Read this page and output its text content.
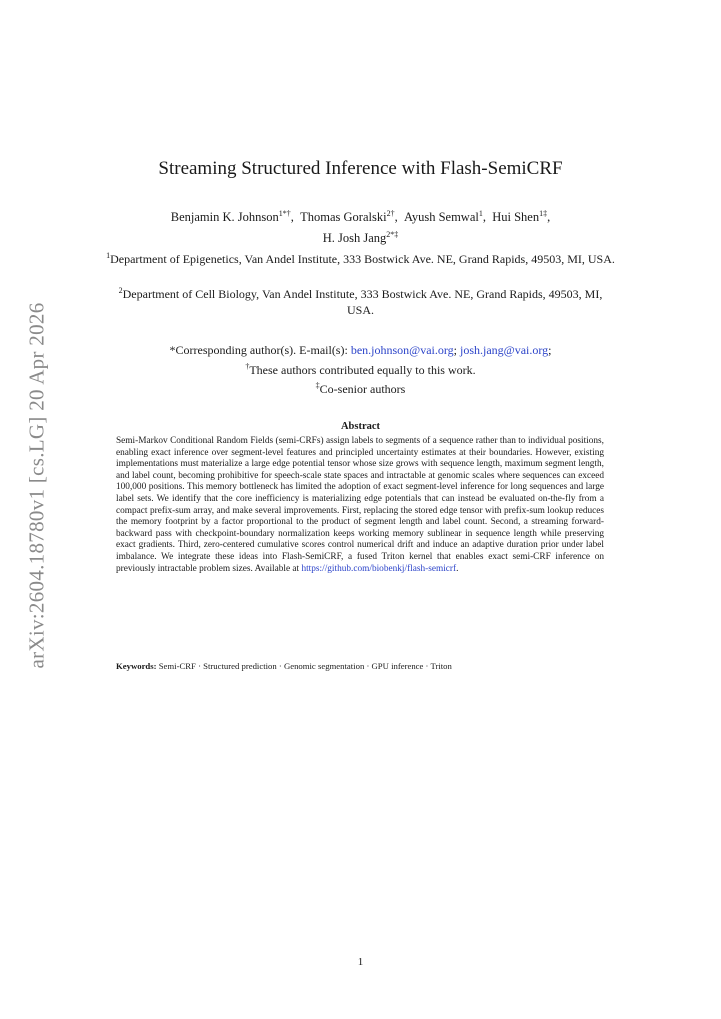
arXiv:2604.18780v1 [cs.LG] 20 Apr 2026
Streaming Structured Inference with Flash-SemiCRF
Benjamin K. Johnson$^{1*\dagger}$,  Thomas Goralski$^{2\dagger}$,  Ayush Semwal$^1$,  Hui Shen$^{1\ddagger}$,
H. Josh Jang$^{2*\ddagger}$
$^1$Department of Epigenetics, Van Andel Institute, 333 Bostwick Ave. NE, Grand Rapids, 49503, MI, USA.
$^2$Department of Cell Biology, Van Andel Institute, 333 Bostwick Ave. NE, Grand Rapids, 49503, MI, USA.
*Corresponding author(s). E-mail(s): ben.johnson@vai.org; josh.jang@vai.org;
†These authors contributed equally to this work.
‡Co-senior authors
Abstract
Semi-Markov Conditional Random Fields (semi-CRFs) assign labels to segments of a sequence rather than to individual positions, enabling exact inference over segment-level features and principled uncertainty estimates at their boundaries. However, existing implementations must materialize a large edge potential tensor whose size grows with sequence length, maximum segment length, and label count, becoming prohibitive for speech-scale state spaces and intractable at genomic scales where sequences can exceed 100,000 positions. This memory bottleneck has limited the adoption of exact segment-level inference for long sequences and large label sets. We identify that the core inefficiency is materializing edge potentials that can instead be evaluated on-the-fly from a compact prefix-sum array, and make several improvements. First, replacing the stored edge tensor with prefix-sum lookup reduces the memory footprint by a factor proportional to the product of segment length and label count. Second, a streaming forward-backward pass with checkpoint-boundary normalization keeps working memory sublinear in sequence length while preserving exact gradients. Third, zero-centered cumulative scores control numerical drift and induce an adaptive duration prior under label imbalance. We integrate these ideas into Flash-SemiCRF, a fused Triton kernel that enables exact semi-CRF inference on previously intractable problem sizes. Available at https://github.com/biobenkj/flash-semicrf.
Keywords: Semi-CRF · Structured prediction · Genomic segmentation · GPU inference · Triton
1
